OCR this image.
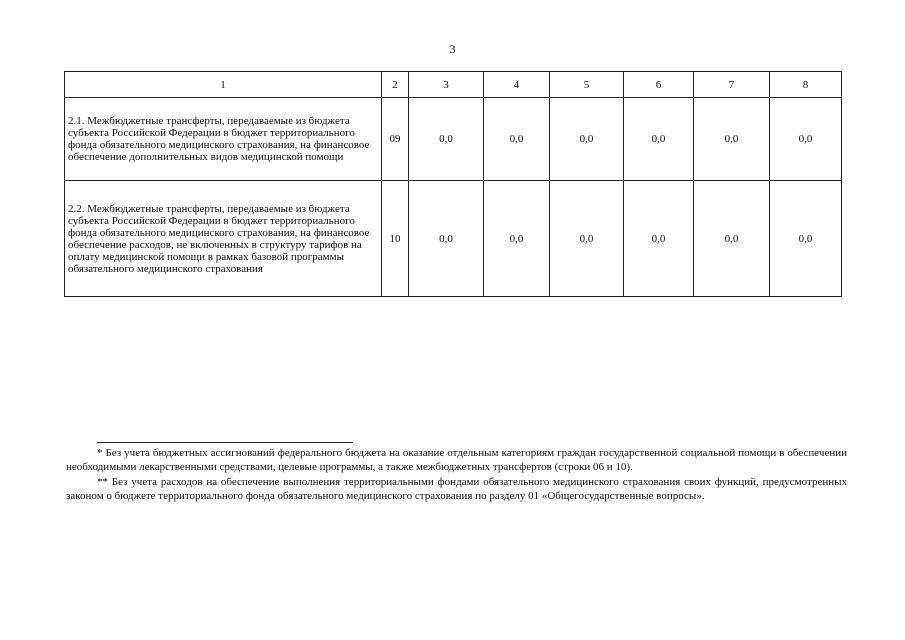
3
1	2	3	4	5	6	7	8
2.1. Межбюджетные трансферты, передаваемые из бюджета субъекта Российской Федерации в бюджет территориального фонда обязательного медицинского страхования, на финансовое обеспечение дополнительных видов медицинской помощи	09	0,0	0,0	0,0	0,0	0,0	0,0
2.2. Межбюджетные трансферты, передаваемые из бюджета субъекта Российской Федерации в бюджет территориального фонда обязательного медицинского страхования, на финансовое обеспечение расходов, не включенных в структуру тарифов на оплату медицинской помощи в рамках базовой программы обязательного медицинского страхования	10	0,0	0,0	0,0	0,0	0,0	0,0

* Без учета бюджетных ассигнований федерального бюджета на оказание отдельным категориям граждан государственной социальной помощи в обеспечении необходимыми лекарственными средствами, целевые программы, а также межбюджетных трансфертов (строки 06 и 10).

** Без учета расходов на обеспечение выполнения территориальными фондами обязательного медицинского страхования своих функций, предусмотренных законом о бюджете территориального фонда обязательного медицинского страхования по разделу 01 «Общегосударственные вопросы».
